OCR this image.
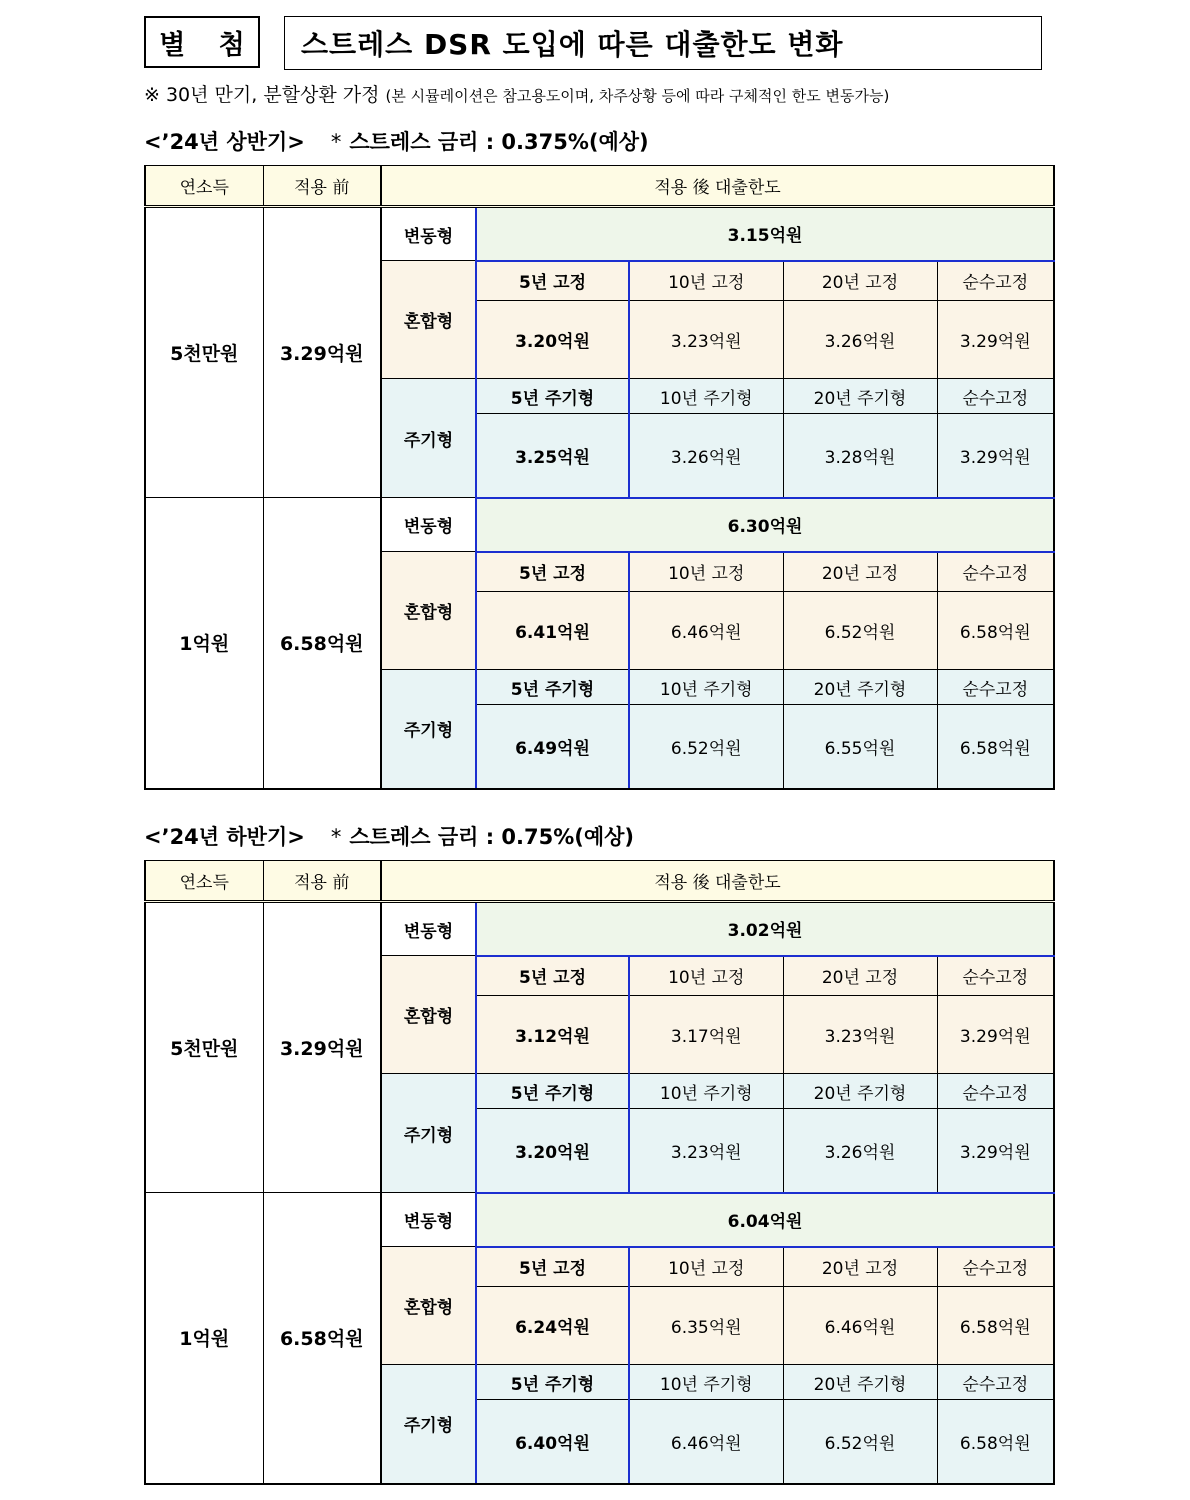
별 첨	스트레스 DSR 도입에 따른 대출한도 변화
※ 30년 만기, 분할상환 가정 (본 시뮬레이션은 참고용도이며, 차주상황 등에 따라 구체적인 한도 변동가능)
<’24년 상반기> * 스트레스 금리 : 0.375%(예상)
연소득	적용 前	적용 後 대출한도				
5천만원	3.29억원	변동형	3.15억원			
		혼합형	5년 고정	10년 고정	20년 고정	순수고정
			3.20억원	3.23억원	3.26억원	3.29억원
		주기형	5년 주기형	10년 주기형	20년 주기형	순수고정
			3.25억원	3.26억원	3.28억원	3.29억원
1억원	6.58억원	변동형	6.30억원			
		혼합형	5년 고정	10년 고정	20년 고정	순수고정
			6.41억원	6.46억원	6.52억원	6.58억원
		주기형	5년 주기형	10년 주기형	20년 주기형	순수고정
			6.49억원	6.52억원	6.55억원	6.58억원
<’24년 하반기> * 스트레스 금리 : 0.75%(예상)
연소득	적용 前	적용 後 대출한도				
5천만원	3.29억원	변동형	3.02억원			
		혼합형	5년 고정	10년 고정	20년 고정	순수고정
			3.12억원	3.17억원	3.23억원	3.29억원
		주기형	5년 주기형	10년 주기형	20년 주기형	순수고정
			3.20억원	3.23억원	3.26억원	3.29억원
1억원	6.58억원	변동형	6.04억원			
		혼합형	5년 고정	10년 고정	20년 고정	순수고정
			6.24억원	6.35억원	6.46억원	6.58억원
		주기형	5년 주기형	10년 주기형	20년 주기형	순수고정
			6.40억원	6.46억원	6.52억원	6.58억원
